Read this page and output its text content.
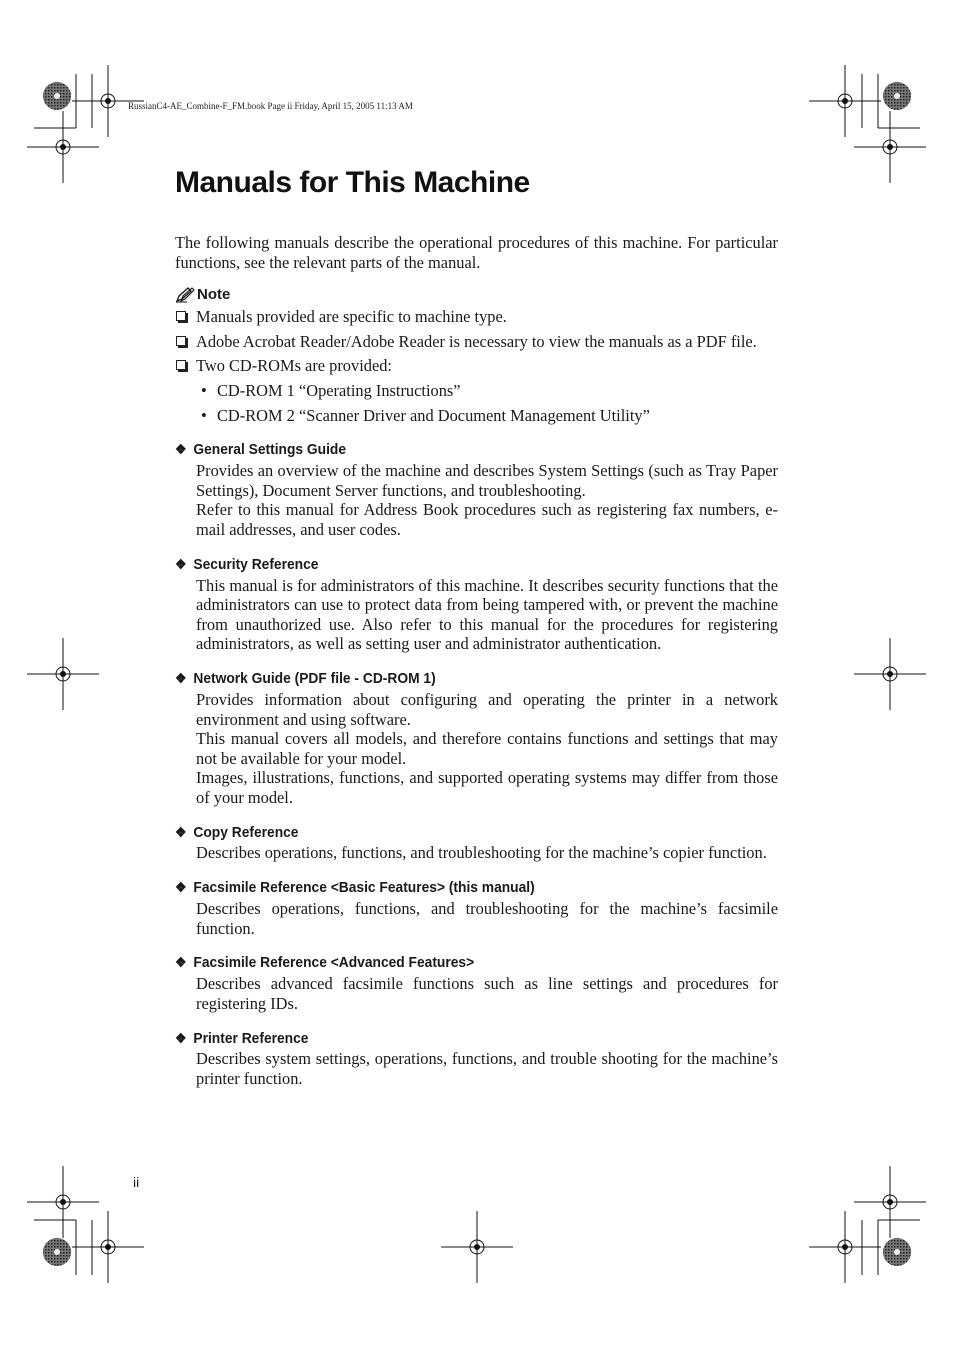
RussianC4-AE_Combine-F_FM.book Page ii Friday, April 15, 2005 11:13 AM
Manuals for This Machine

The following manuals describe the operational procedures of this machine. For particular functions, see the relevant parts of the manual.

Note
Manuals provided are specific to machine type.
Adobe Acrobat Reader/Adobe Reader is necessary to view the manuals as a PDF file.
Two CD-ROMs are provided:
• CD-ROM 1 “Operating Instructions”
• CD-ROM 2 “Scanner Driver and Document Management Utility”
❖ General Settings Guide

Provides an overview of the machine and describes System Settings (such as Tray Paper Settings), Document Server functions, and troubleshooting.

Refer to this manual for Address Book procedures such as registering fax numbers, e-mail addresses, and user codes.

❖ Security Reference

This manual is for administrators of this machine. It describes security functions that the administrators can use to protect data from being tampered with, or prevent the machine from unauthorized use. Also refer to this manual for the procedures for registering administrators, as well as setting user and administrator authentication.

❖ Network Guide (PDF file - CD-ROM 1)

Provides information about configuring and operating the printer in a network environment and using software.

This manual covers all models, and therefore contains functions and settings that may not be available for your model.

Images, illustrations, functions, and supported operating systems may differ from those of your model.

❖ Copy Reference

Describes operations, functions, and troubleshooting for the machine’s copier function.

❖ Facsimile Reference <Basic Features> (this manual)

Describes operations, functions, and troubleshooting for the machine’s facsimile function.

❖ Facsimile Reference <Advanced Features>

Describes advanced facsimile functions such as line settings and procedures for registering IDs.

❖ Printer Reference

Describes system settings, operations, functions, and trouble shooting for the machine’s printer function.

ii
